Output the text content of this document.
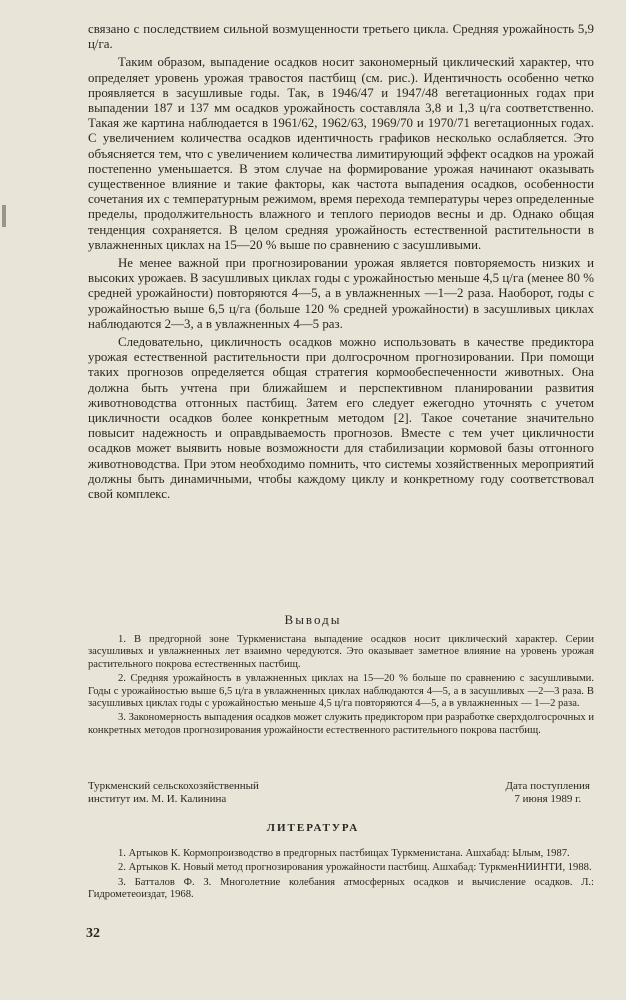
связано с последствием сильной возмущенности третьего цикла. Средняя урожайность 5,9 ц/га.

Таким образом, выпадение осадков носит закономерный циклический характер, что определяет уровень урожая травостоя пастбищ (см. рис.). Идентичность особенно четко проявляется в засушливые годы. Так, в 1946/47 и 1947/48 вегетационных годах при выпадении 187 и 137 мм осадков урожайность составляла 3,8 и 1,3 ц/га соответственно. Такая же картина наблюдается в 1961/62, 1962/63, 1969/70 и 1970/71 вегетационных годах. С увеличением количества осадков идентичность графиков несколько ослабляется. Это объясняется тем, что с увеличением количества лимитирующий эффект осадков на урожай постепенно уменьшается. В этом случае на формирование урожая начинают оказывать существенное влияние и такие факторы, как частота выпадения осадков, особенности сочетания их с температурным режимом, время перехода температуры через определенные пределы, продолжительность влажного и теплого периодов весны и др. Однако общая тенденция сохраняется. В целом средняя урожайность естественной растительности в увлажненных циклах на 15—20 % выше по сравнению с засушливыми.

Не менее важной при прогнозировании урожая является повторяемость низких и высоких урожаев. В засушливых циклах годы с урожайностью меньше 4,5 ц/га (менее 80 % средней урожайности) повторяются 4—5, а в увлажненных —1—2 раза. Наоборот, годы с урожайностью выше 6,5 ц/га (больше 120 % средней урожайности) в засушливых циклах наблюдаются 2—3, а в увлажненных 4—5 раз.

Следовательно, цикличность осадков можно использовать в качестве предиктора урожая естественной растительности при долгосрочном прогнозировании. При помощи таких прогнозов определяется общая стратегия кормообеспеченности животных. Она должна быть учтена при ближайшем и перспективном планировании развития животноводства отгонных пастбищ. Затем его следует ежегодно уточнять с учетом цикличности осадков более конкретным методом [2]. Такое сочетание значительно повысит надежность и оправдываемость прогнозов. Вместе с тем учет цикличности осадков может выявить новые возможности для стабилизации кормовой базы отгонного животноводства. При этом необходимо помнить, что системы хозяйственных мероприятий должны быть динамичными, чтобы каждому циклу и конкретному году соответствовал свой комплекс.

Выводы

1. В предгорной зоне Туркменистана выпадение осадков носит циклический характер. Серии засушливых и увлажненных лет взаимно чередуются. Это оказывает заметное влияние на уровень урожая растительного покрова естественных пастбищ.

2. Средняя урожайность в увлажненных циклах на 15—20 % больше по сравнению с засушливыми. Годы с урожайностью выше 6,5 ц/га в увлажненных циклах наблюдаются 4—5, а в засушливых —2—3 раза. В засушливых циклах годы с урожайностью меньше 4,5 ц/га повторяются 4—5, а в увлажненных — 1—2 раза.

3. Закономерность выпадения осадков может служить предиктором при разработке сверхдолгосрочных и конкретных методов прогнозирования урожайности естественного растительного покрова пастбищ.

Туркменский сельскохозяйственный
институт им. М. И. Калинина
Дата поступления
7 июня 1989 г.
ЛИТЕРАТУРА

1. Артыков К. Кормопроизводство в предгорных пастбищах Туркменистана. Ашхабад: Ылым, 1987.

2. Артыков К. Новый метод прогнозирования урожайности пастбищ. Ашхабад: ТуркменНИИНТИ, 1988.

3. Батталов Ф. З. Многолетние колебания атмосферных осадков и вычисление осадков. Л.: Гидрометеоиздат, 1968.

32
